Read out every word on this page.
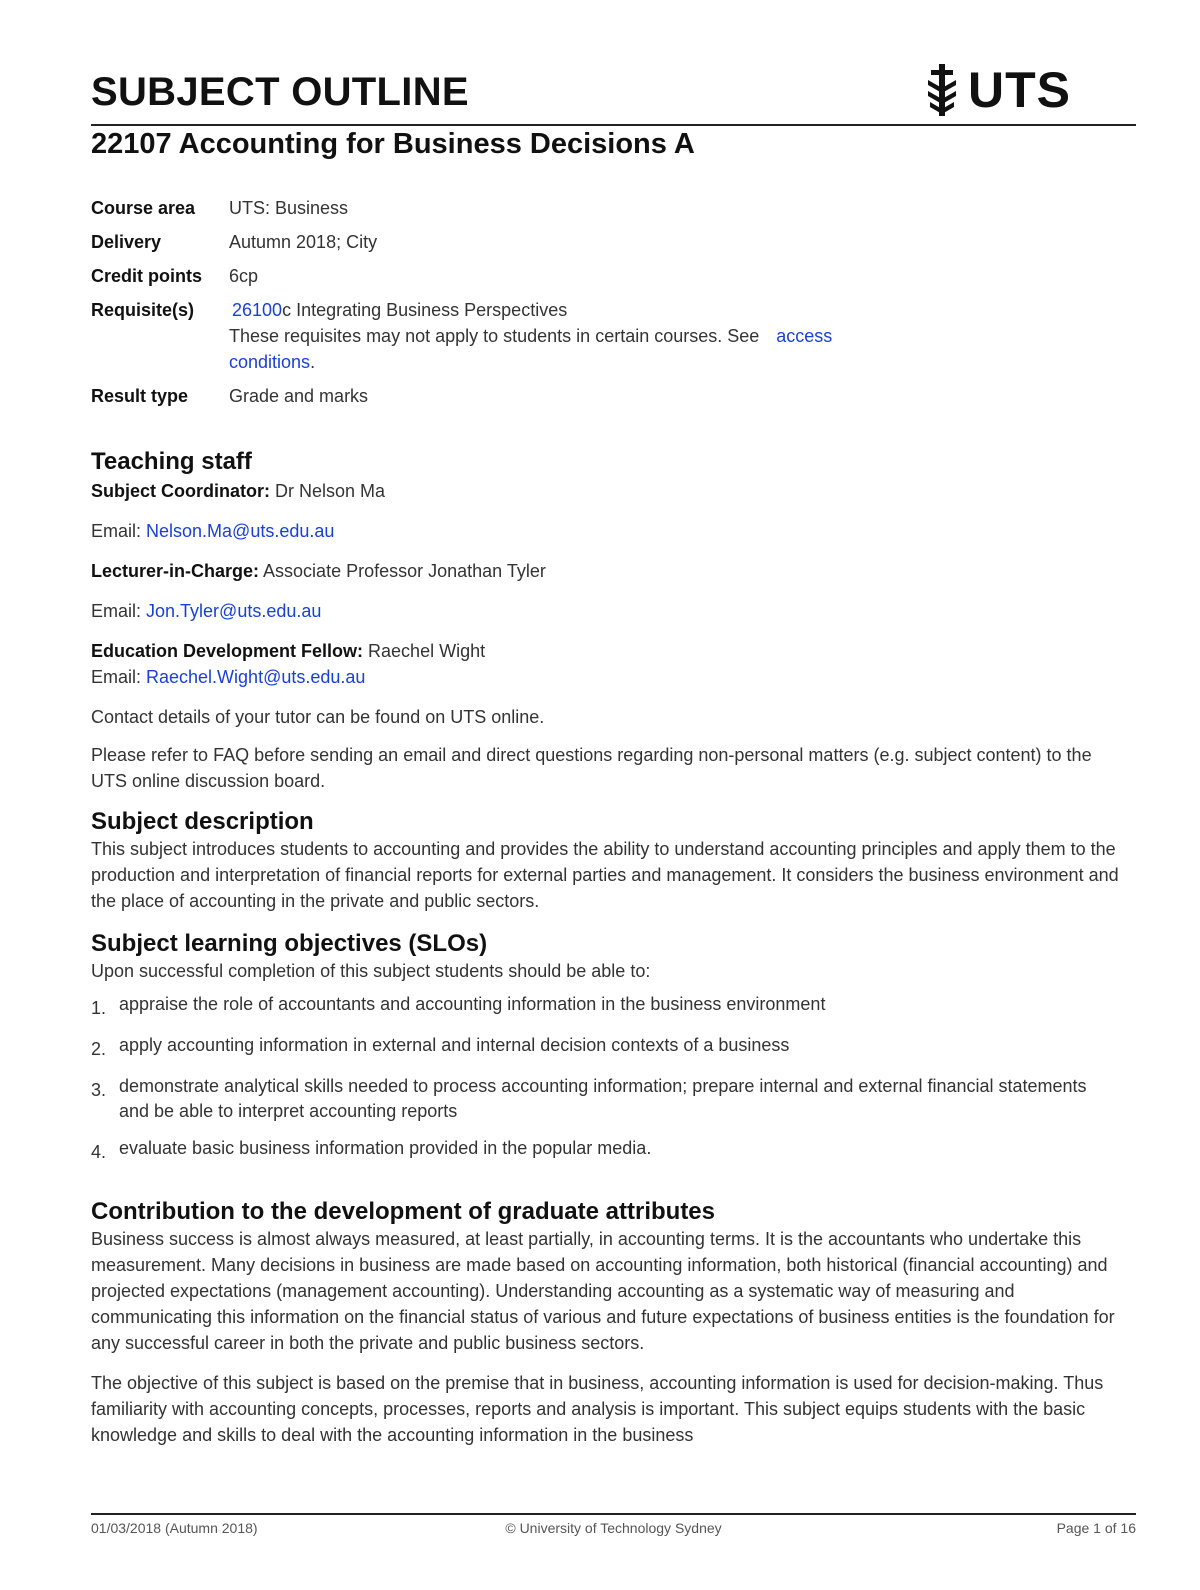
SUBJECT OUTLINE	UTS
22107 Accounting for Business Decisions A
Course area	UTS: Business
Delivery	Autumn 2018; City
Credit points	6cp
Requisite(s)	26100c Integrating Business Perspectives
These requisites may not apply to students in certain courses. See access
conditions.
Result type	Grade and marks
Teaching staff

Subject Coordinator: Dr Nelson Ma

Email: Nelson.Ma@uts.edu.au

Lecturer-in-Charge: Associate Professor Jonathan Tyler

Email: Jon.Tyler@uts.edu.au

Education Development Fellow: Raechel Wight

Email: Raechel.Wight@uts.edu.au

Contact details of your tutor can be found on UTS online.

Please refer to FAQ before sending an email and direct questions regarding non-personal matters (e.g. subject content) to the UTS online discussion board.

Subject description

This subject introduces students to accounting and provides the ability to understand accounting principles and apply them to the production and interpretation of financial reports for external parties and management. It considers the business environment and the place of accounting in the private and public sectors.

Subject learning objectives (SLOs)

Upon successful completion of this subject students should be able to:

1. appraise the role of accountants and accounting information in the business environment
2. apply accounting information in external and internal decision contexts of a business
3. demonstrate analytical skills needed to process accounting information; prepare internal and external financial statements and be able to interpret accounting reports
4. evaluate basic business information provided in the popular media.
Contribution to the development of graduate attributes

Business success is almost always measured, at least partially, in accounting terms. It is the accountants who undertake this measurement. Many decisions in business are made based on accounting information, both historical (financial accounting) and projected expectations (management accounting). Understanding accounting as a systematic way of measuring and communicating this information on the financial status of various and future expectations of business entities is the foundation for any successful career in both the private and public business sectors.

The objective of this subject is based on the premise that in business, accounting information is used for decision-making. Thus familiarity with accounting concepts, processes, reports and analysis is important. This subject equips students with the basic knowledge and skills to deal with the accounting information in the business

01/03/2018 (Autumn 2018)	© University of Technology Sydney	Page 1 of 16
